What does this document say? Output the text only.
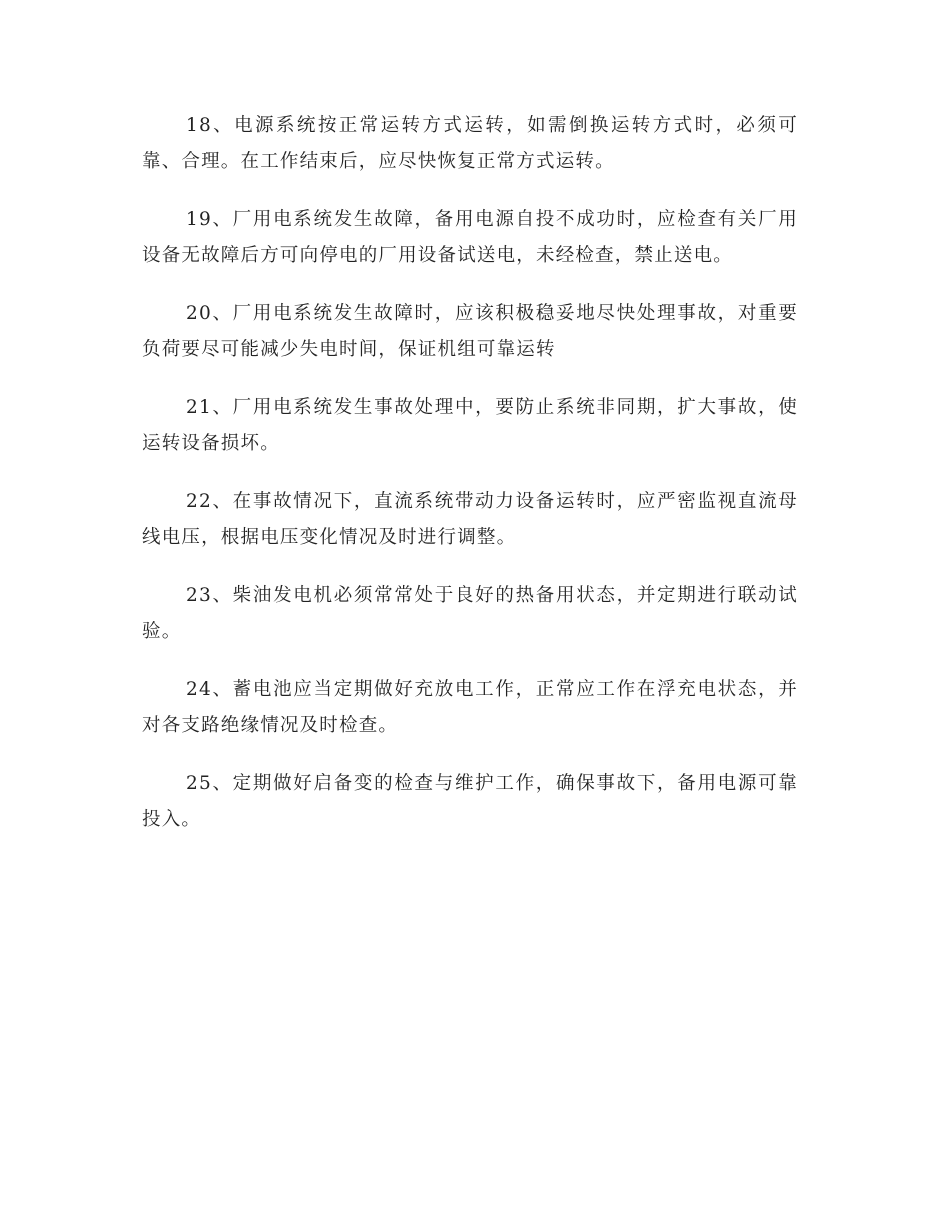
18、电源系统按正常运转方式运转，如需倒换运转方式时，必须可靠、合理。在工作结束后，应尽快恢复正常方式运转。

19、厂用电系统发生故障，备用电源自投不成功时，应检查有关厂用设备无故障后方可向停电的厂用设备试送电，未经检查，禁止送电。

20、厂用电系统发生故障时，应该积极稳妥地尽快处理事故，对重要负荷要尽可能减少失电时间，保证机组可靠运转

21、厂用电系统发生事故处理中，要防止系统非同期，扩大事故，使运转设备损坏。

22、在事故情况下，直流系统带动力设备运转时，应严密监视直流母线电压，根据电压变化情况及时进行调整。

23、柴油发电机必须常常处于良好的热备用状态，并定期进行联动试验。

24、蓄电池应当定期做好充放电工作，正常应工作在浮充电状态，并对各支路绝缘情况及时检查。

25、定期做好启备变的检查与维护工作，确保事故下，备用电源可靠投入。
